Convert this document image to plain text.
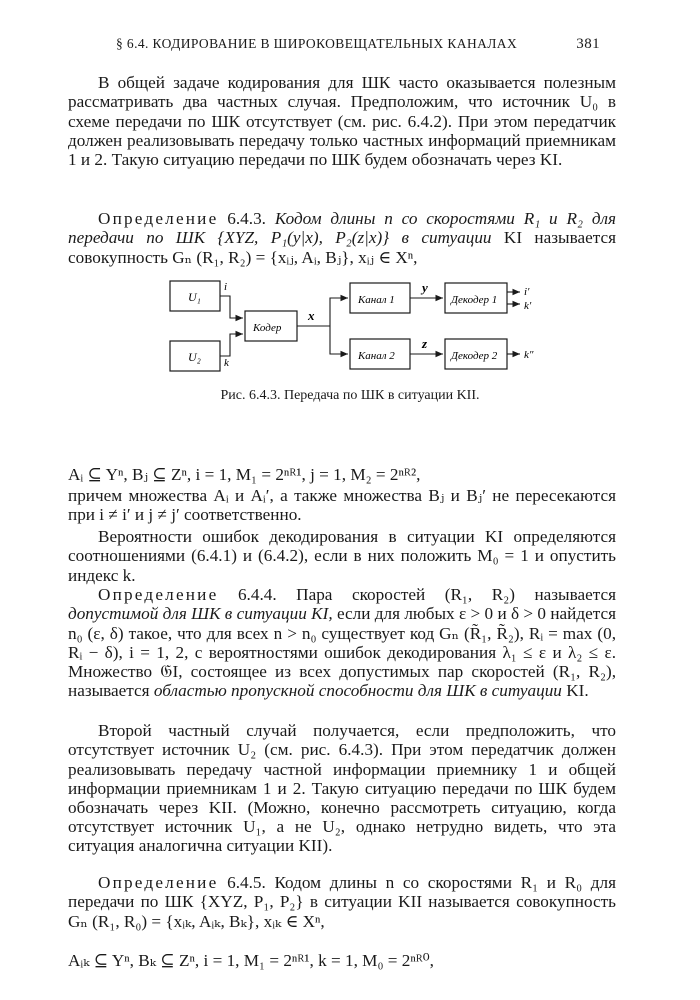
§ 6.4. КОДИРОВАНИЕ В ШИРОКОВЕЩАТЕЛЬНЫХ КАНАЛАХ	381

В общей задаче кодирования для ШК часто оказывается полезным рассматривать два частных случая. Предположим, что источник U₀ в схеме передачи по ШК отсутствует (см. рис. 6.4.2). При этом передатчик должен реализовывать передачу только частных информаций приемникам 1 и 2. Такую ситуацию передачи по ШК будем обозначать через KI.

Определение 6.4.3. Кодом длины n со скоростями R₁ и R₂ для передачи по ШК {XYZ, P₁(y|x), P₂(z|x)} в ситуации KI называется совокупность Gₙ (R₁, R₂) = {xᵢⱼ, Aᵢ, Bⱼ}, xᵢⱼ ∈ Xⁿ,

U₁
U₂
i
k
Кодер
x
Канал 1
Канал 2
y
z
Декодер 1
Декодер 2
i′
k′
k″
Рис. 6.4.3. Передача по ШК в ситуации KII.

Aᵢ ⊆ Yⁿ, Bⱼ ⊆ Zⁿ, i = 1, M₁ = 2ⁿᴿ¹, j = 1, M₂ = 2ⁿᴿ²,

причем множества Aᵢ и Aᵢ′, а также множества Bⱼ и Bⱼ′ не пересекаются при i ≠ i′ и j ≠ j′ соответственно.

Вероятности ошибок декодирования в ситуации KI определяются соотношениями (6.4.1) и (6.4.2), если в них положить M₀ = 1 и опустить индекс k.

Определение 6.4.4. Пара скоростей (R₁, R₂) называется допустимой для ШК в ситуации KI, если для любых ε > 0 и δ > 0 найдется n₀ (ε, δ) такое, что для всех n > n₀ существует код Gₙ (R̃₁, R̃₂), Rᵢ = max (0, Rᵢ − δ), i = 1, 2, с вероятностями ошибок декодирования λ₁ ≤ ε и λ₂ ≤ ε. Множество 𝔊I, состоящее из всех допустимых пар скоростей (R₁, R₂), называется областью пропускной способности для ШК в ситуации KI.

Второй частный случай получается, если предположить, что отсутствует источник U₂ (см. рис. 6.4.3). При этом передатчик должен реализовывать передачу частной информации приемнику 1 и общей информации приемникам 1 и 2. Такую ситуацию передачи по ШК будем обозначать через KII. (Можно, конечно рассмотреть ситуацию, когда отсутствует источник U₁, а не U₂, однако нетрудно видеть, что эта ситуация аналогична ситуации KII).

Определение 6.4.5. Кодом длины n со скоростями R₁ и R₀ для передачи по ШК {XYZ, P₁, P₂} в ситуации KII называется совокупность Gₙ (R₁, R₀) = {xᵢₖ, Aᵢₖ, Bₖ}, xᵢₖ ∈ Xⁿ,

Aᵢₖ ⊆ Yⁿ, Bₖ ⊆ Zⁿ, i = 1, M₁ = 2ⁿᴿ¹, k = 1, M₀ = 2ⁿᴿ⁰,
